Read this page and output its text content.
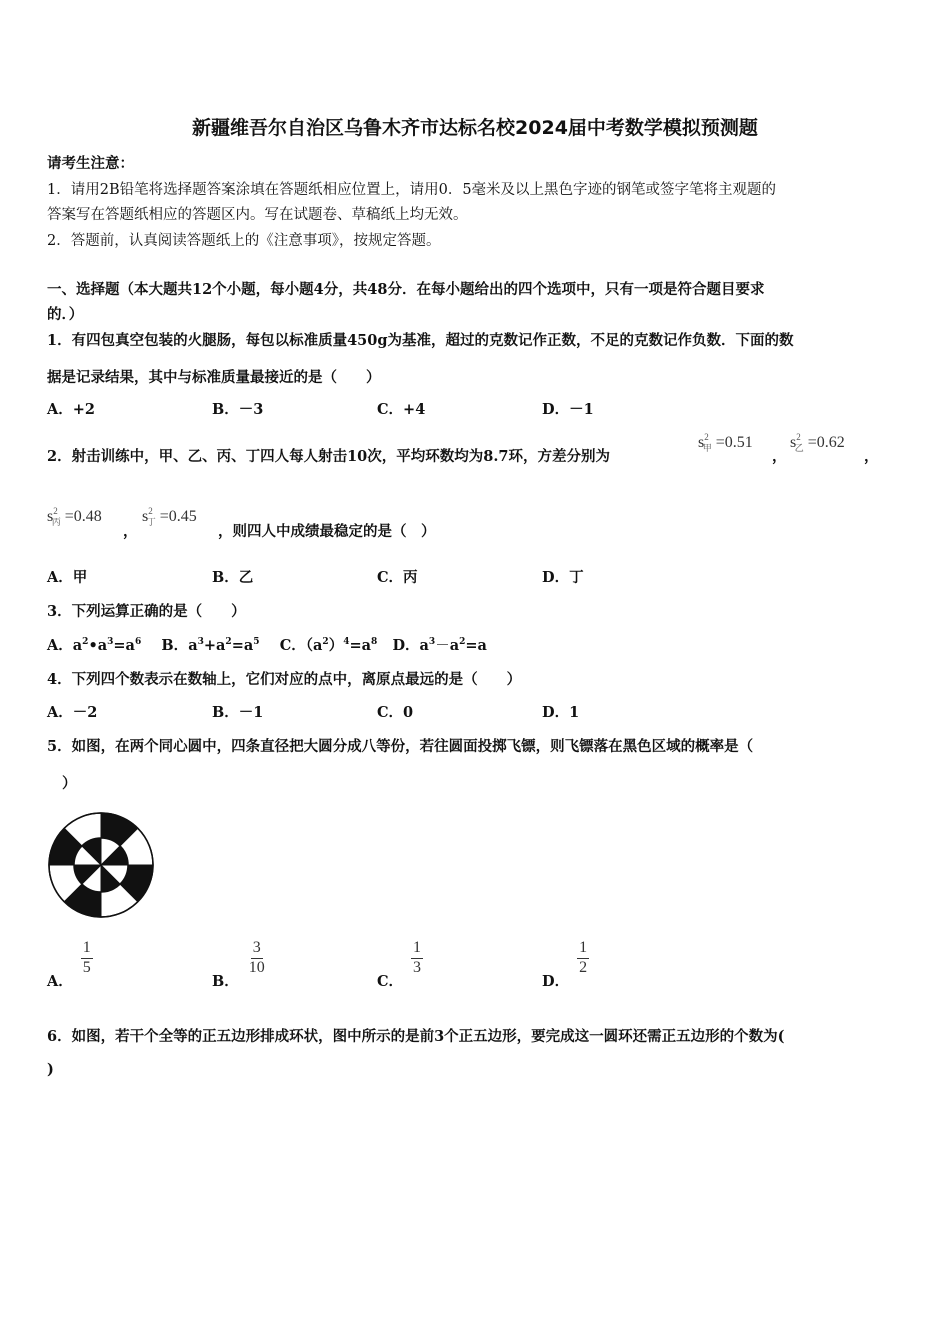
新疆维吾尔自治区乌鲁木齐市达标名校2024届中考数学模拟预测题
请考生注意：
1．请用2B铅笔将选择题答案涂填在答题纸相应位置上，请用0．5毫米及以上黑色字迹的钢笔或签字笔将主观题的
答案写在答题纸相应的答题区内。写在试题卷、草稿纸上均无效。
2．答题前，认真阅读答题纸上的《注意事项》，按规定答题。
一、选择题（本大题共12个小题，每小题4分，共48分．在每小题给出的四个选项中，只有一项是符合题目要求
的．）
1．有四包真空包装的火腿肠，每包以标准质量450g为基准，超过的克数记作正数，不足的克数记作负数．下面的数
据是记录结果，其中与标准质量最接近的是（　　）
A．+2	B．－3	C．+4	D．－1
2．射击训练中，甲、乙、丙、丁四人每人射击10次，平均环数均为8.7环，方差分别为
$s^2_甲 =0.51$
，
$s^2_乙 =0.62$
，
$s^2_丙 =0.48$
，
$s^2_丁 =0.45$
，则四人中成绩最稳定的是（　）
A．甲	B．乙	C．丙	D．丁
3．下列运算正确的是（　　）
A．$a^2•a^3=a^6$ B．$a^3+a^2=a^5$ C．$(a^2)^4=a^8$ D．$a^3-a^2=a$
4．下列四个数表示在数轴上，它们对应的点中，离原点最远的是（　　）
A．－2	B．－1	C．0	D．1
5．如图，在两个同心圆中，四条直径把大圆分成八等份，若往圆面投掷飞镖，则飞镖落在黑色区域的概率是（
）
A．
$\frac{1}{5}$
B．
$\frac{3}{10}$
C．
$\frac{1}{3}$
D．
$\frac{1}{2}$
6．如图，若干个全等的正五边形排成环状，图中所示的是前3个正五边形，要完成这一圆环还需正五边形的个数为(
)
